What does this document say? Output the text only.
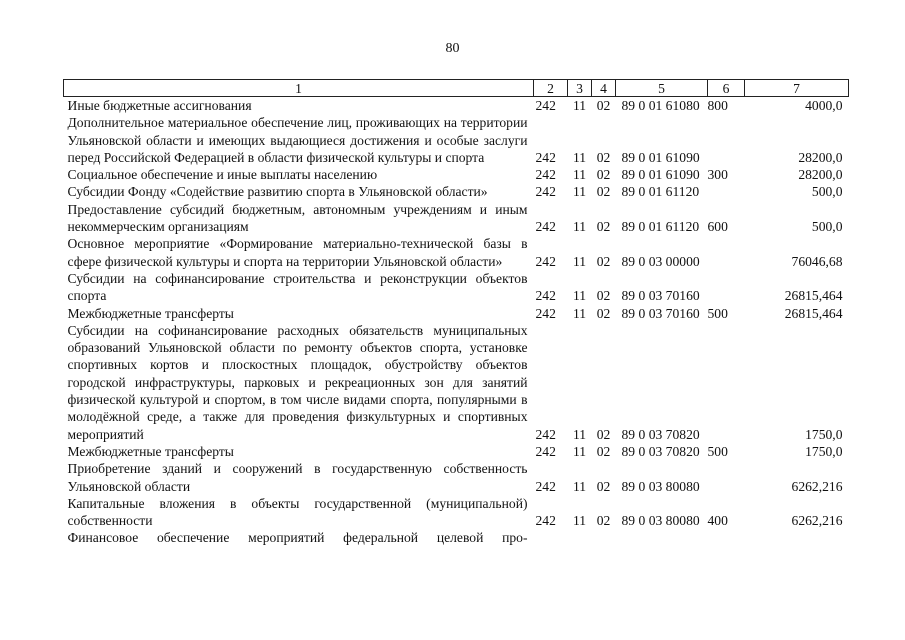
80
1	2	3	4	5	6	7
Иные бюджетные ассигнования	242	11	02	89 0 01 61080	800	4000,0
Дополнительное материальное обеспечение лиц, проживающих на территории Ульяновской области и имеющих выдающиеся достижения и особые заслуги перед Российской Федерацией в области физической культуры и спорта	242	11	02	89 0 01 61090		28200,0
Социальное обеспечение и иные выплаты населению	242	11	02	89 0 01 61090	300	28200,0
Субсидии Фонду «Содействие развитию спорта в Ульяновской области»	242	11	02	89 0 01 61120		500,0
Предоставление субсидий бюджетным, автономным учреждениям и иным некоммерческим организациям	242	11	02	89 0 01 61120	600	500,0
Основное мероприятие «Формирование материально-технической базы в сфере физической культуры и спорта на территории Ульяновской области»	242	11	02	89 0 03 00000		76046,68
Субсидии на софинансирование строительства и реконструкции объектов спорта	242	11	02	89 0 03 70160		26815,464
Межбюджетные трансферты	242	11	02	89 0 03 70160	500	26815,464
Субсидии на софинансирование расходных обязательств муниципальных образований Ульяновской области по ремонту объектов спорта, установке спортивных кортов и плоскостных площадок, обустройству объектов городской инфраструктуры, парковых и рекреационных зон для занятий физической культурой и спортом, в том числе видами спорта, популярными в молодёжной среде, а также для проведения физкультурных и спортивных мероприятий	242	11	02	89 0 03 70820		1750,0
Межбюджетные трансферты	242	11	02	89 0 03 70820	500	1750,0
Приобретение зданий и сооружений в государственную собственность Ульяновской области	242	11	02	89 0 03 80080		6262,216
Капитальные вложения в объекты государственной (муниципальной) собственности	242	11	02	89 0 03 80080	400	6262,216
Финансовое обеспечение мероприятий федеральной целевой про-						
